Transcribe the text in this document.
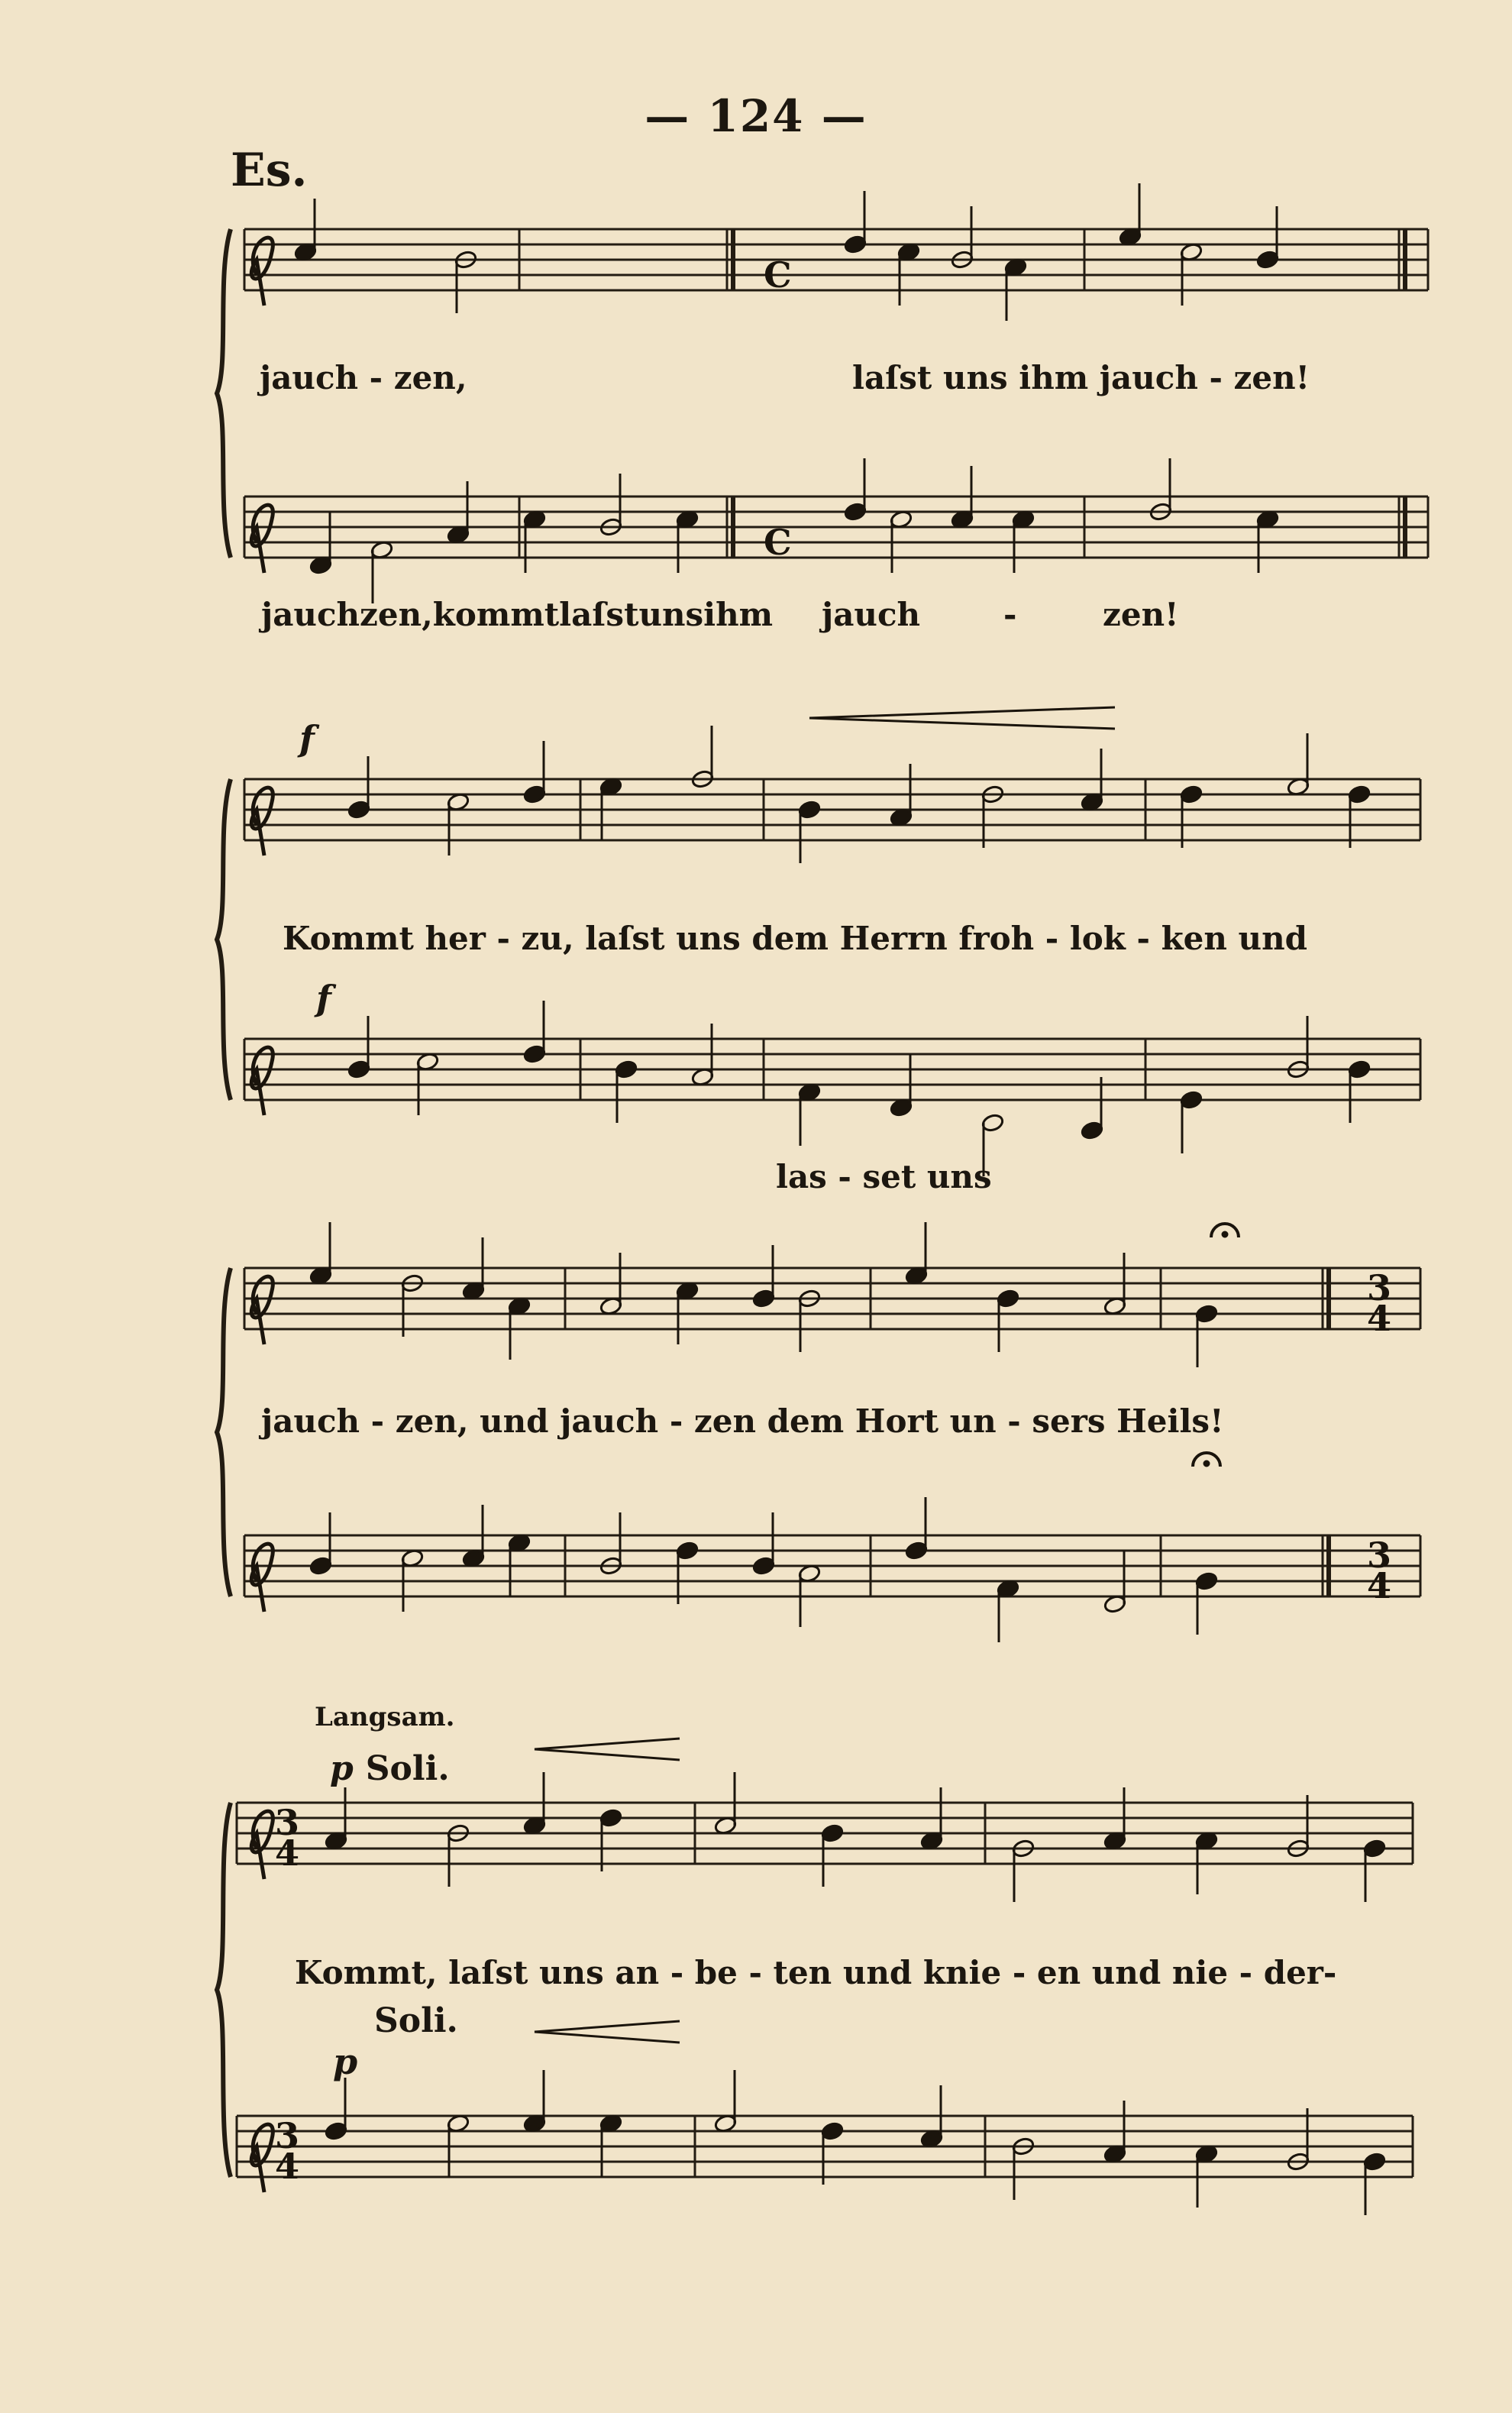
— 124 —
Es.
C
C
3
4
3
4
3
4
3
4
jauch - zen,	laſst uns ihm jauch - zen!
jauchzen,kommtlaſstunsihm jauch	-	zen!
f
Kommt her - zu, laſst uns dem Herrn froh - lok - ken und
f
las - set uns
jauch - zen, und jauch - zen dem Hort un - sers Heils!
Langsam.
p Soli.
Kommt, laſst uns an - be - ten und knie - en und nie - der-
Soli.
p
